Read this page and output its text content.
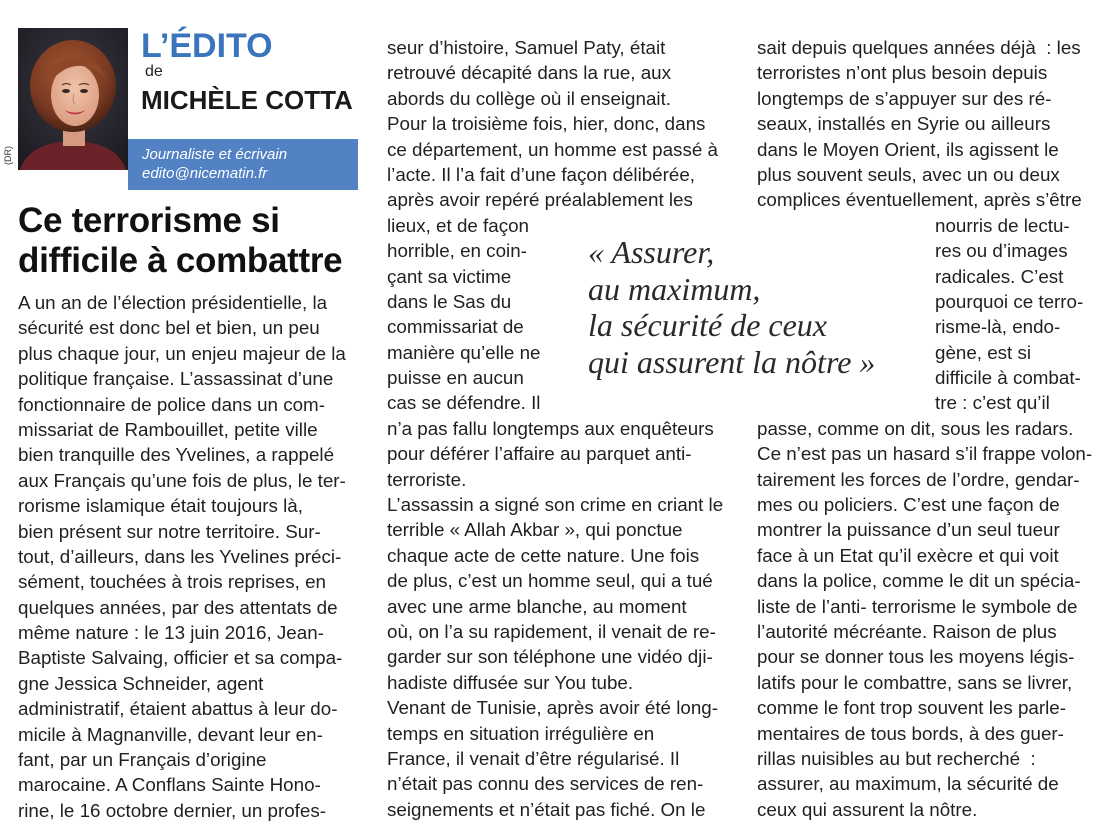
(DR)
L’ÉDITO
de
MICHÈLE COTTA
Journaliste et écrivain
edito@nicematin.fr
Ce terrorisme si
difficile à combattre
A un an de l’élection présidentielle, la
sécurité est donc bel et bien, un peu
plus chaque jour, un enjeu majeur de la
politique française. L’assassinat d’une
fonctionnaire de police dans un com-
missariat de Rambouillet, petite ville
bien tranquille des Yvelines, a rappelé
aux Français qu’une fois de plus, le ter-
rorisme islamique était toujours là,
bien présent sur notre territoire. Sur-
tout, d’ailleurs, dans les Yvelines préci-
sément, touchées à trois reprises, en
quelques années, par des attentats de
même nature : le 13 juin 2016, Jean-
Baptiste Salvaing, officier et sa compa-
gne Jessica Schneider, agent
administratif, étaient abattus à leur do-
micile à Magnanville, devant leur en-
fant, par un Français d’origine
marocaine. A Conflans Sainte Hono-
rine, le 16 octobre dernier, un profes-
seur d’histoire, Samuel Paty, était
retrouvé décapité dans la rue, aux
abords du collège où il enseignait.
Pour la troisième fois, hier, donc, dans
ce département, un homme est passé à
l’acte. Il l’a fait d’une façon délibérée,
après avoir repéré préalablement les
lieux, et de façon
horrible, en coin-
çant sa victime
dans le Sas du
commissariat de
manière qu’elle ne
puisse en aucun
cas se défendre. Il
n’a pas fallu longtemps aux enquêteurs
pour déférer l’affaire au parquet anti-
terroriste.
L’assassin a signé son crime en criant le
terrible « Allah Akbar », qui ponctue
chaque acte de cette nature. Une fois
de plus, c’est un homme seul, qui a tué
avec une arme blanche, au moment
où, on l’a su rapidement, il venait de re-
garder sur son téléphone une vidéo dji-
hadiste diffusée sur You tube.
Venant de Tunisie, après avoir été long-
temps en situation irrégulière en
France, il venait d’être régularisé. Il
n’était pas connu des services de ren-
seignements et n’était pas fiché. On le
sait depuis quelques années déjà  : les
terroristes n’ont plus besoin depuis
longtemps de s’appuyer sur des ré-
seaux, installés en Syrie ou ailleurs
dans le Moyen Orient, ils agissent le
plus souvent seuls, avec un ou deux
complices éventuellement, après s’être
nourris de lectu-
res ou d’images
radicales. C’est
pourquoi ce terro-
risme-là, endo-
gène, est si
difficile à combat-
tre : c’est qu’il
passe, comme on dit, sous les radars.
Ce n’est pas un hasard s’il frappe volon-
tairement les forces de l’ordre, gendar-
mes ou policiers. C’est une façon de
montrer la puissance d’un seul tueur
face à un Etat qu’il exècre et qui voit
dans la police, comme le dit un spécia-
liste de l’anti- terrorisme le symbole de
l’autorité mécréante. Raison de plus
pour se donner tous les moyens légis-
latifs pour le combattre, sans se livrer,
comme le font trop souvent les parle-
mentaires de tous bords, à des guer-
rillas nuisibles au but recherché  :
assurer, au maximum, la sécurité de
ceux qui assurent la nôtre.
« Assurer,
au maximum,
la sécurité de ceux
qui assurent la nôtre »
